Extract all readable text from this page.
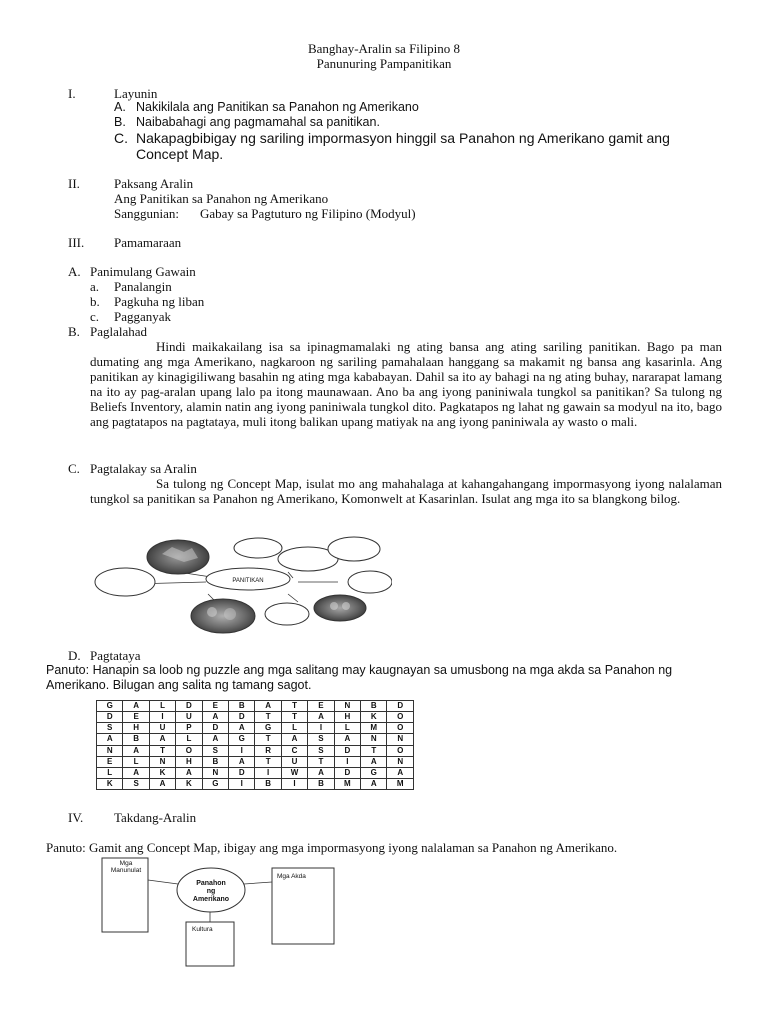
Banghay-Aralin sa Filipino 8
Panunuring Pampanitikan
I.	Layunin
A. Nakikilala ang Panitikan sa Panahon ng Amerikano
B. Naibabahagi ang pagmamahal sa panitikan.
C. Nakapagbibigay ng sariling impormasyon hinggil sa Panahon ng Amerikano gamit ang
Concept Map.
II.	Paksang Aralin
Ang Panitikan sa Panahon ng Amerikano
Sanggunian: Gabay sa Pagtuturo ng Filipino (Modyul)
III. Pamamaraan
A. Panimulang Gawain
a. Panalangin
b. Pagkuha ng liban
c. Pagganyak
B. Paglalahad
Hindi maikakailang isa sa ipinagmamalaki ng ating bansa ang ating sariling panitikan. Bago pa man dumating ang mga Amerikano, nagkaroon ng sariling pamahalaan hanggang sa makamit ng bansa ang kasarinla. Ang panitikan ay kinagigiliwang basahin ng ating mga kababayan. Dahil sa ito ay bahagi na ng ating buhay, nararapat lamang na ito ay pag-aralan upang lalo pa itong maunawaan. Ano ba ang iyong paniniwala tungkol sa panitikan? Sa tulong ng Beliefs Inventory, alamin natin ang iyong paniniwala tungkol dito. Pagkatapos ng lahat ng gawain sa modyul na ito, bago ang pagtatapos na pagtataya, muli itong balikan upang matiyak na ang iyong paniniwala ay wasto o mali.
C. Pagtalakay sa Aralin
Sa tulong ng Concept Map, isulat mo ang mahahalaga at kahangahangang impormasyong iyong nalalaman tungkol sa panitikan sa Panahon ng Amerikano, Komonwelt at Kasarinlan. Isulat ang mga ito sa blangkong bilog.
PANITIKAN
D. Pagtataya
Panuto: Hanapin sa loob ng puzzle ang mga salitang may kaugnayan sa umusbong na mga akda sa Panahon ng Amerikano. Bilugan ang salita ng tamang sagot.
G	A	L	D	E	B	A	T	E	N	B	D
D	E	I	U	A	D	T	T	A	H	K	O
S	H	U	P	D	A	G	L	I	L	M	O
A	B	A	L	A	G	T	A	S	A	N	N
N	A	T	O	S	I	R	C	S	D	T	O
E	L	N	H	B	A	T	U	T	I	A	N
L	A	K	A	N	D	I	W	A	D	G	A
K	S	A	K	G	I	B	I	B	M	A	M
IV. Takdang-Aralin
Panuto: Gamit ang Concept Map, ibigay ang mga impormasyong iyong nalalaman sa Panahon ng Amerikano.
Panahon
ng
Amerikano
Mga Manunulat
Mga Akda
Kultura
